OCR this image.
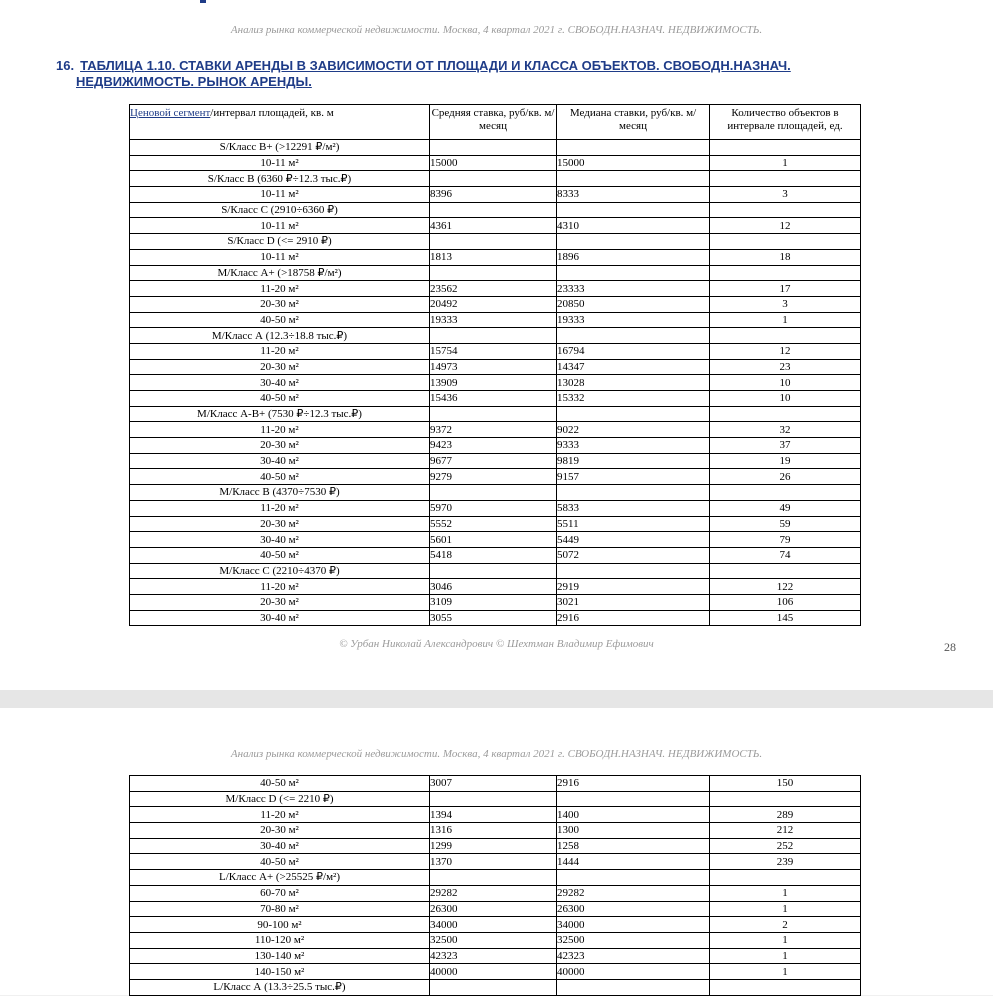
Анализ рынка коммерческой недвижимости. Москва, 4 квартал 2021 г. СВОБОДН.НАЗНАЧ. НЕДВИЖИМОСТЬ.
16. ТАБЛИЦА 1.10. СТАВКИ АРЕНДЫ В ЗАВИСИМОСТИ ОТ ПЛОЩАДИ И КЛАССА ОБЪЕКТОВ. СВОБОДН.НАЗНАЧ.
НЕДВИЖИМОСТЬ. РЫНОК АРЕНДЫ.
Ценовой сегмент/интервал площадей, кв. м	Средняя ставка, руб/кв. м/месяц	Медиана ставки, руб/кв. м/месяц	Количество объектов в интервале площадей, ед.
S/Класс В+ (>12291 ₽/м²)			
10-11 м²	15000	15000	1
S/Класс В (6360 ₽÷12.3 тыс.₽)			
10-11 м²	8396	8333	3
S/Класс С (2910÷6360 ₽)			
10-11 м²	4361	4310	12
S/Класс D (<= 2910 ₽)			
10-11 м²	1813	1896	18
М/Класс А+ (>18758 ₽/м²)			
11-20 м²	23562	23333	17
20-30 м²	20492	20850	3
40-50 м²	19333	19333	1
М/Класс А (12.3÷18.8 тыс.₽)			
11-20 м²	15754	16794	12
20-30 м²	14973	14347	23
30-40 м²	13909	13028	10
40-50 м²	15436	15332	10
М/Класс А-В+ (7530 ₽÷12.3 тыс.₽)			
11-20 м²	9372	9022	32
20-30 м²	9423	9333	37
30-40 м²	9677	9819	19
40-50 м²	9279	9157	26
М/Класс В (4370÷7530 ₽)			
11-20 м²	5970	5833	49
20-30 м²	5552	5511	59
30-40 м²	5601	5449	79
40-50 м²	5418	5072	74
М/Класс С (2210÷4370 ₽)			
11-20 м²	3046	2919	122
20-30 м²	3109	3021	106
30-40 м²	3055	2916	145
© Урбан Николай Александрович © Шехтман Владимир Ефимович	28
Анализ рынка коммерческой недвижимости. Москва, 4 квартал 2021 г. СВОБОДН.НАЗНАЧ. НЕДВИЖИМОСТЬ.
40-50 м²	3007	2916	150
М/Класс D (<= 2210 ₽)			
11-20 м²	1394	1400	289
20-30 м²	1316	1300	212
30-40 м²	1299	1258	252
40-50 м²	1370	1444	239
L/Класс А+ (>25525 ₽/м²)			
60-70 м²	29282	29282	1
70-80 м²	26300	26300	1
90-100 м²	34000	34000	2
110-120 м²	32500	32500	1
130-140 м²	42323	42323	1
140-150 м²	40000	40000	1
L/Класс А (13.3÷25.5 тыс.₽)			
